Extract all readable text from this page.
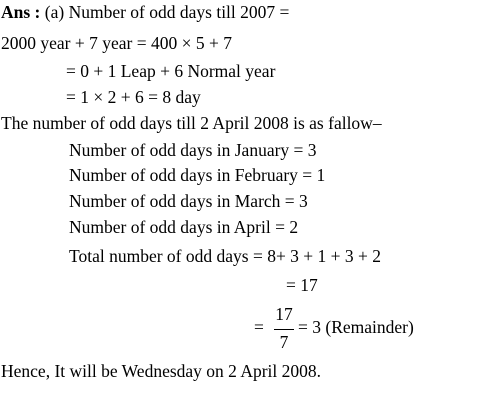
Ans : (a) Number of odd days till 2007 =
2000 year + 7 year = 400 × 5 + 7
= 0 + 1 Leap + 6 Normal year
= 1 × 2 + 6 = 8 day
The number of odd days till 2 April 2008 is as fallow–
Number of odd days in January = 3
Number of odd days in February = 1
Number of odd days in March = 3
Number of odd days in April = 2
Total number of odd days = 8+ 3 + 1 + 3 + 2
= 17
=
17
7
= 3 (Remainder)
Hence, It will be Wednesday on 2 April 2008.
